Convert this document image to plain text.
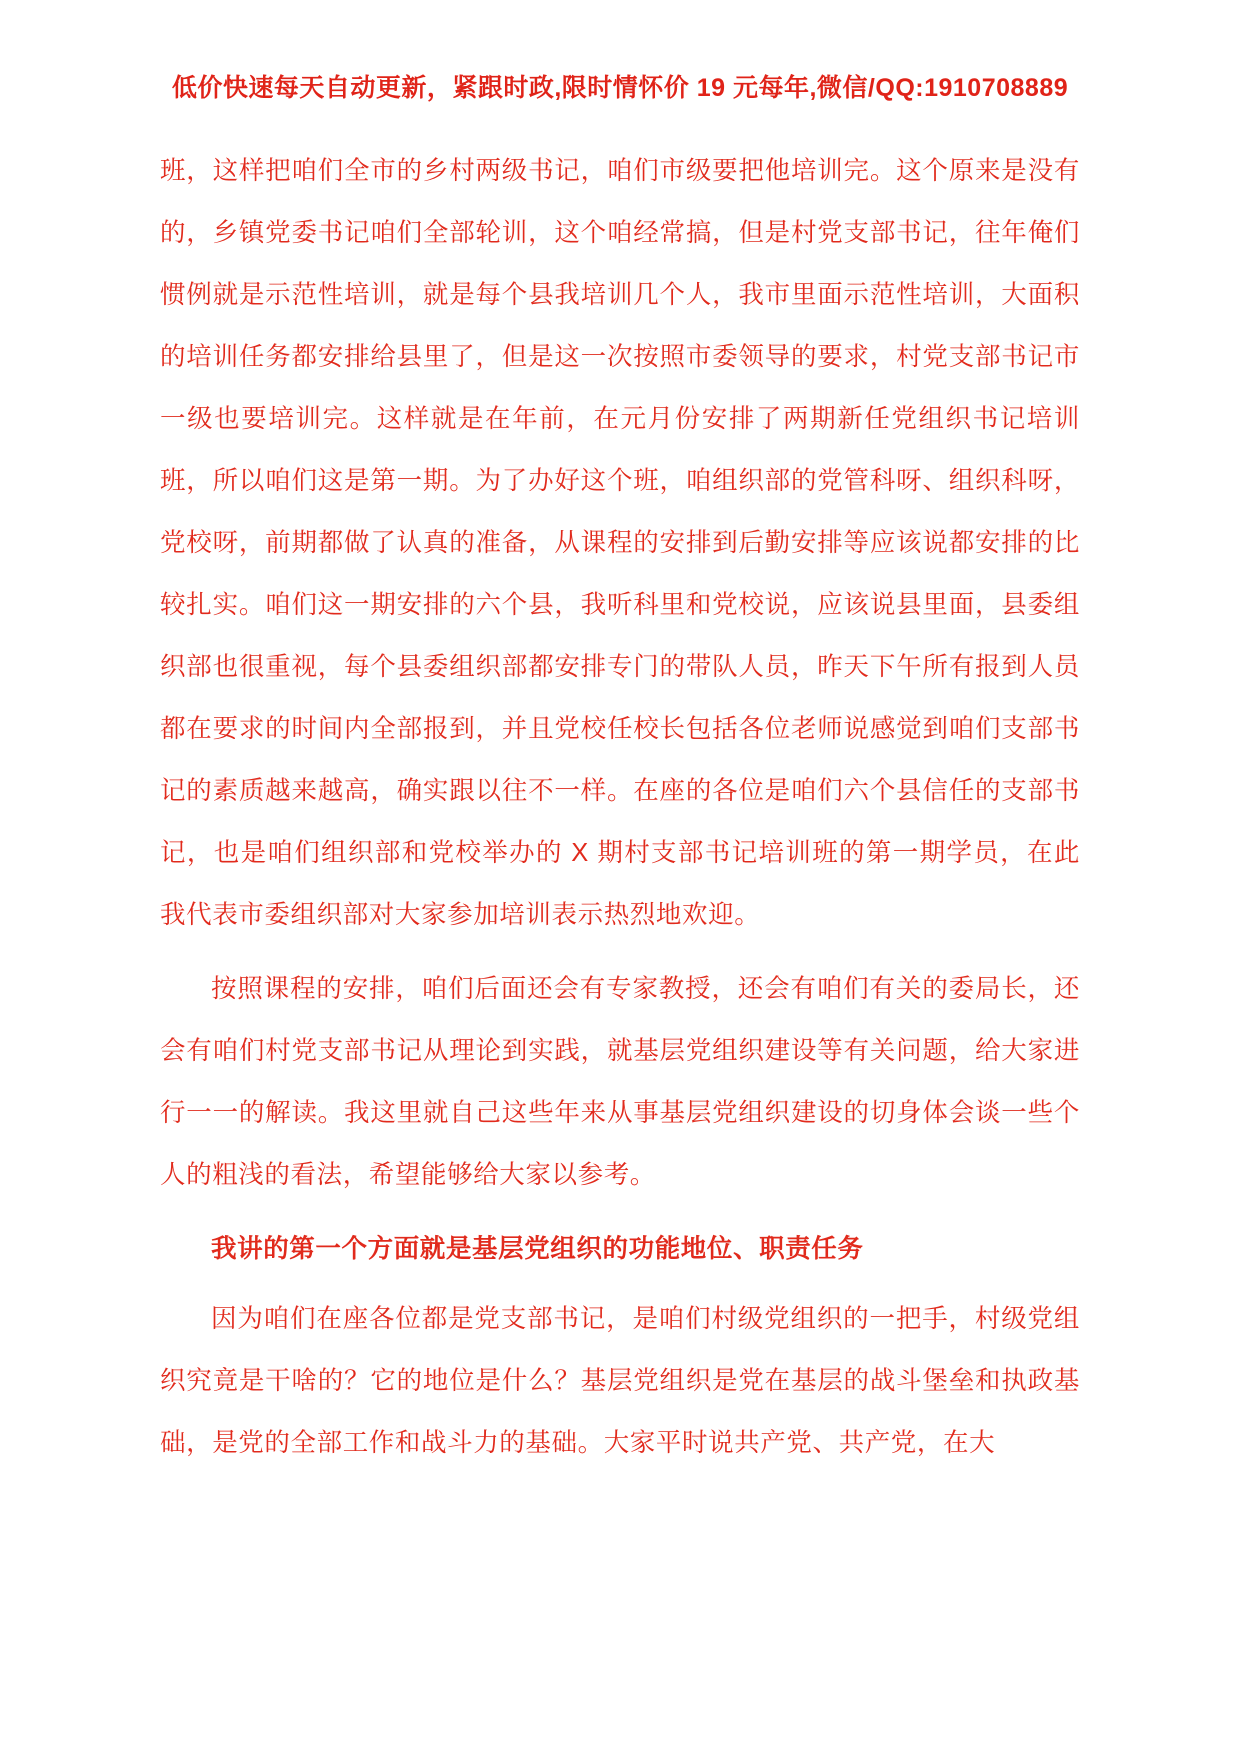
低价快速每天自动更新，紧跟时政,限时情怀价 19 元每年,微信/QQ:1910708889

班，这样把咱们全市的乡村两级书记，咱们市级要把他培训完。这个原来是没有的，乡镇党委书记咱们全部轮训，这个咱经常搞，但是村党支部书记，往年俺们惯例就是示范性培训，就是每个县我培训几个人，我市里面示范性培训，大面积的培训任务都安排给县里了，但是这一次按照市委领导的要求，村党支部书记市一级也要培训完。这样就是在年前，在元月份安排了两期新任党组织书记培训班，所以咱们这是第一期。为了办好这个班，咱组织部的党管科呀、组织科呀，党校呀，前期都做了认真的准备，从课程的安排到后勤安排等应该说都安排的比较扎实。咱们这一期安排的六个县，我听科里和党校说，应该说县里面，县委组织部也很重视，每个县委组织部都安排专门的带队人员，昨天下午所有报到人员都在要求的时间内全部报到，并且党校任校长包括各位老师说感觉到咱们支部书记的素质越来越高，确实跟以往不一样。在座的各位是咱们六个县信任的支部书记，也是咱们组织部和党校举办的 X 期村支部书记培训班的第一期学员，在此我代表市委组织部对大家参加培训表示热烈地欢迎。

按照课程的安排，咱们后面还会有专家教授，还会有咱们有关的委局长，还会有咱们村党支部书记从理论到实践，就基层党组织建设等有关问题，给大家进行一一的解读。我这里就自己这些年来从事基层党组织建设的切身体会谈一些个人的粗浅的看法，希望能够给大家以参考。

我讲的第一个方面就是基层党组织的功能地位、职责任务

因为咱们在座各位都是党支部书记，是咱们村级党组织的一把手，村级党组织究竟是干啥的？它的地位是什么？基层党组织是党在基层的战斗堡垒和执政基础，是党的全部工作和战斗力的基础。大家平时说共产党、共产党，在大
